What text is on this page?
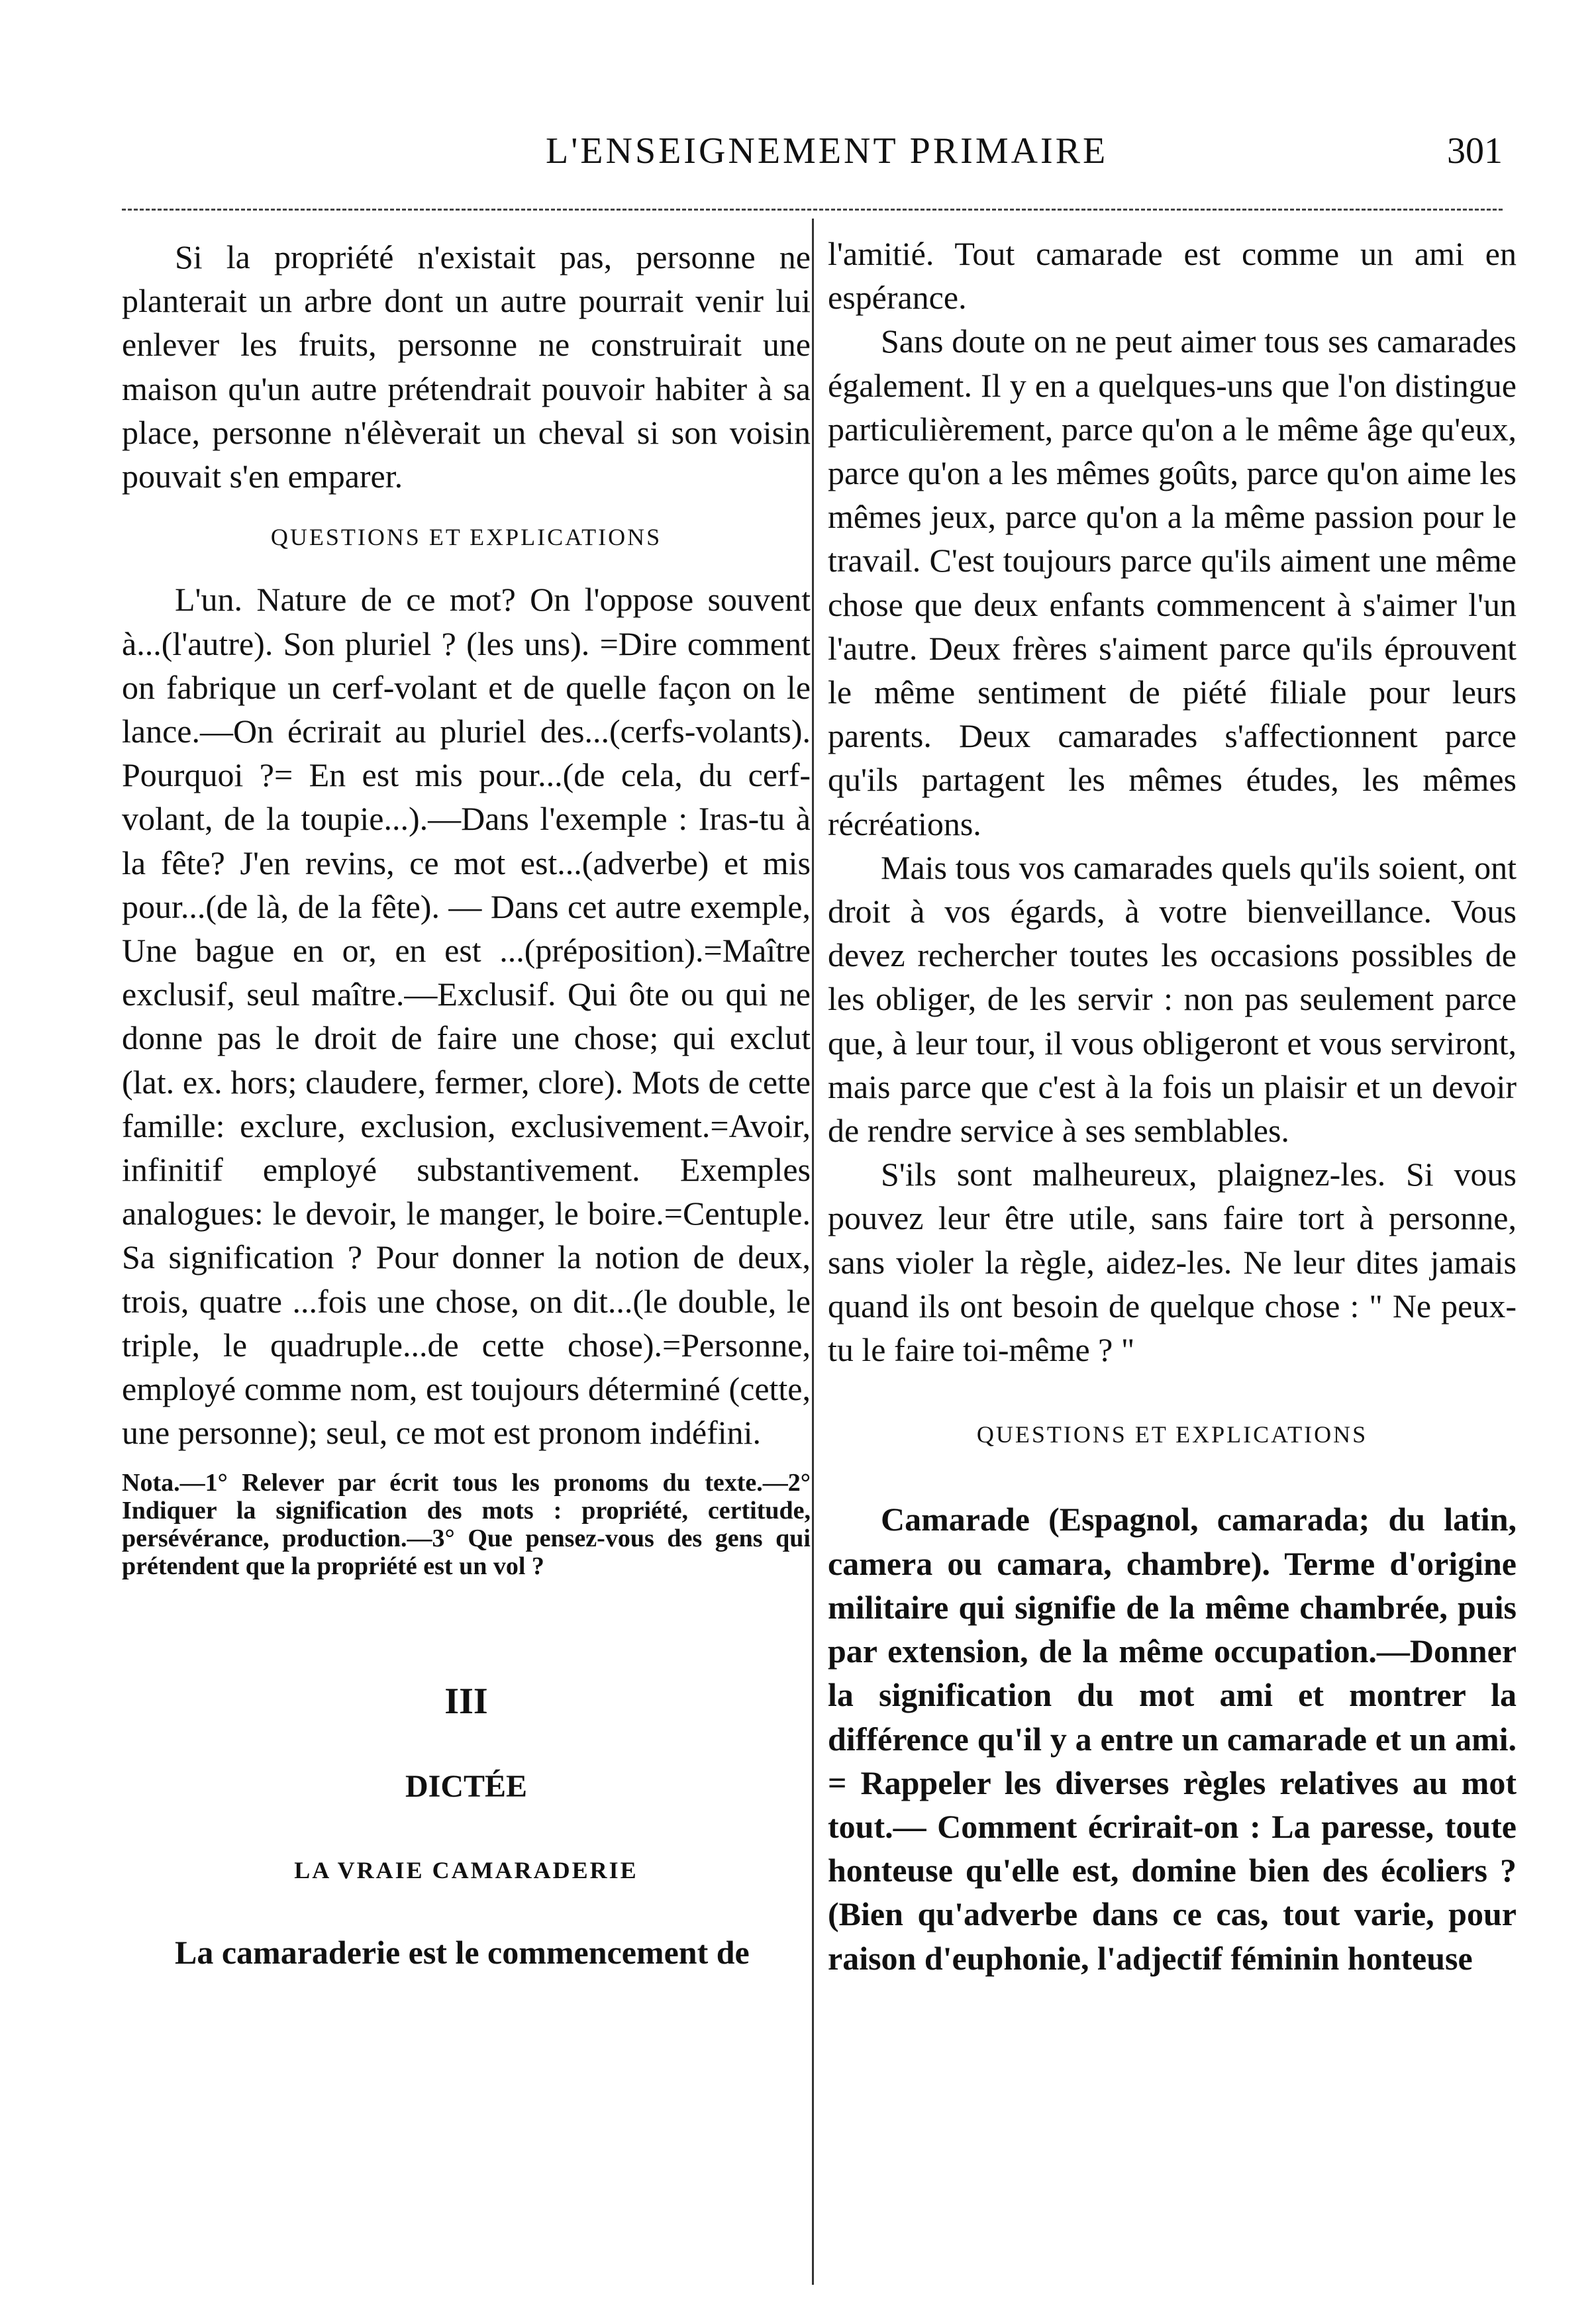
L'ENSEIGNEMENT PRIMAIRE	301

Si la propriété n'existait pas, personne ne planterait un arbre dont un autre pourrait venir lui enlever les fruits, personne ne construirait une maison qu'un autre prétendrait pouvoir habiter à sa place, personne n'élèverait un cheval si son voisin pouvait s'en emparer.

QUESTIONS ET EXPLICATIONS

L'un. Nature de ce mot? On l'oppose souvent à...(l'autre). Son pluriel ? (les uns). =Dire comment on fabrique un cerf-volant et de quelle façon on le lance.—On écrirait au pluriel des...(cerfs-volants). Pourquoi ?= En est mis pour...(de cela, du cerf-volant, de la toupie...).—Dans l'exemple : Iras-tu à la fête? J'en revins, ce mot est...(adverbe) et mis pour...(de là, de la fête). — Dans cet autre exemple, Une bague en or, en est ...(préposition).=Maître exclusif, seul maître.—Exclusif. Qui ôte ou qui ne donne pas le droit de faire une chose; qui exclut (lat. ex. hors; claudere, fermer, clore). Mots de cette famille: exclure, exclusion, exclusivement.=Avoir, infinitif employé substantivement. Exemples analogues: le devoir, le manger, le boire.=Centuple. Sa signification ? Pour donner la notion de deux, trois, quatre ...fois une chose, on dit...(le double, le triple, le quadruple...de cette chose).=Personne, employé comme nom, est toujours déterminé (cette, une personne); seul, ce mot est pronom indéfini.

Nota.—1° Relever par écrit tous les pronoms du texte.—2° Indiquer la signification des mots : propriété, certitude, persévérance, production.—3° Que pensez-vous des gens qui prétendent que la propriété est un vol ?

III
DICTÉE
LA VRAIE CAMARADERIE

La camaraderie est le commencement de

l'amitié. Tout camarade est comme un ami en espérance.

Sans doute on ne peut aimer tous ses camarades également. Il y en a quelques-uns que l'on distingue particulièrement, parce qu'on a le même âge qu'eux, parce qu'on a les mêmes goûts, parce qu'on aime les mêmes jeux, parce qu'on a la même passion pour le travail. C'est toujours parce qu'ils aiment une même chose que deux enfants commencent à s'aimer l'un l'autre. Deux frères s'aiment parce qu'ils éprouvent le même sentiment de piété filiale pour leurs parents. Deux camarades s'affectionnent parce qu'ils partagent les mêmes études, les mêmes récréations.

Mais tous vos camarades quels qu'ils soient, ont droit à vos égards, à votre bienveillance. Vous devez rechercher toutes les occasions possibles de les obliger, de les servir : non pas seulement parce que, à leur tour, il vous obligeront et vous serviront, mais parce que c'est à la fois un plaisir et un devoir de rendre service à ses semblables.

S'ils sont malheureux, plaignez-les. Si vous pouvez leur être utile, sans faire tort à personne, sans violer la règle, aidez-les. Ne leur dites jamais quand ils ont besoin de quelque chose : " Ne peux-tu le faire toi-même ? "

QUESTIONS ET EXPLICATIONS

Camarade (Espagnol, camarada; du latin, camera ou camara, chambre). Terme d'origine militaire qui signifie de la même chambrée, puis par extension, de la même occupation.—Donner la signification du mot ami et montrer la différence qu'il y a entre un camarade et un ami. = Rappeler les diverses règles relatives au mot tout.— Comment écrirait-on : La paresse, toute honteuse qu'elle est, domine bien des écoliers ? (Bien qu'adverbe dans ce cas, tout varie, pour raison d'euphonie, l'adjectif féminin honteuse
